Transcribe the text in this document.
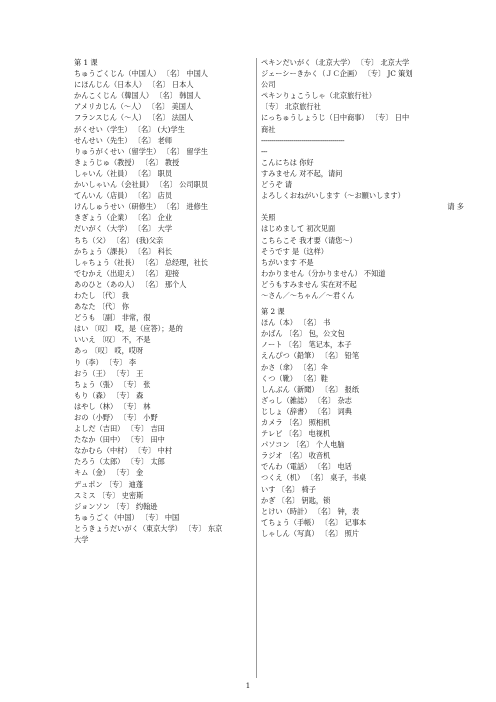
第 1 课
ちゅうごくじん（中国人） 〔名〕 中国人
にほんじん（日本人） 〔名〕 日本人
かんこくじん（韓国人） 〔名〕 韩国人
アメリカじん（～人） 〔名〕 美国人
フランスじん（～人） 〔名〕 法国人
がくせい（学生） 〔名〕 (大)学生
せんせい（先生） 〔名〕 老师
りゅうがくせい（留学生） 〔名〕 留学生
きょうじゅ（教授） 〔名〕 教授
しゃいん（社員） 〔名〕 职员
かいしゃいん（会社員） 〔名〕 公司职员
てんいん（店員） 〔名〕 店员
けんしゅうせい（研修生） 〔名〕 进修生
きぎょう（企業） 〔名〕 企业
だいがく（大学） 〔名〕 大学
ちち（父） 〔名〕 (我)父亲
かちょう（課長） 〔名〕 科长
しゃちょう（社長） 〔名〕 总经理，社长
でむかえ（出迎え） 〔名〕 迎接
あのひと（あの人） 〔名〕 那个人
わたし 〔代〕 我
あなた 〔代〕 你
どうも 〔副〕 非常，很
はい 〔叹〕 哎，是（应答）；是的
いいえ 〔叹〕 不，不是
あっ 〔叹〕 哎，哎呀
り（李） 〔专〕 李
おう（王） 〔专〕 王
ちょう（張） 〔专〕 张
もり（森） 〔专〕 森
はやし（林） 〔专〕 林
おの（小野） 〔专〕 小野
よしだ（吉田） 〔专〕 吉田
たなか（田中） 〔专〕 田中
なかむら（中村） 〔专〕 中村
たろう（太郎） 〔专〕 太郎
キム（金） 〔专〕 金
デュポン 〔专〕 迪蓬
スミス 〔专〕 史密斯
ジョンソン 〔专〕 约翰逊
ちゅうごく（中国） 〔专〕 中国
とうきょうだいがく（東京大学） 〔专〕 东京
大学
ペキンだいがく（北京大学） 〔专〕 北京大学
ジェーシーきかく（ＪＣ企画） 〔专〕 JC 策划
公司
ペキンりょこうしゃ（北京旅行社）
〔专〕 北京旅行社
にっちゅうしょうじ（日中商事） 〔专〕 日中
商社
-----------------------------------------
---
こんにちは 你好
すみません 对不起，请问
どうぞ 请
よろしくおねがいします（～お願いします）
请 多
关照
はじめまして 初次见面
こちらこそ 我才要（请您～）
そうです 是（这样）
ちがいます 不是
わかりません（分かりません） 不知道
どうもすみません 实在对不起
～さん／～ちゃん／～君くん
第 2 课
ほん（本） 〔名〕 书
かばん 〔名〕 包，公文包
ノート 〔名〕 笔记本，本子
えんぴつ（鉛筆） 〔名〕 铅笔
かさ（傘） 〔名〕伞
くつ（靴） 〔名〕鞋
しんぶん（新聞） 〔名〕 报纸
ざっし（雑誌） 〔名〕 杂志
じしょ（辞書） 〔名〕 词典
カメラ 〔名〕 照相机
テレビ 〔名〕 电视机
パソコン 〔名〕 个人电脑
ラジオ 〔名〕 收音机
でんわ（電話） 〔名〕 电话
つくえ（机） 〔名〕 桌子，书桌
いす 〔名〕 椅子
かぎ 〔名〕 钥匙，锁
とけい（時計） 〔名〕 钟，表
てちょう（手帳） 〔名〕 记事本
しゃしん（写真） 〔名〕 照片
1
